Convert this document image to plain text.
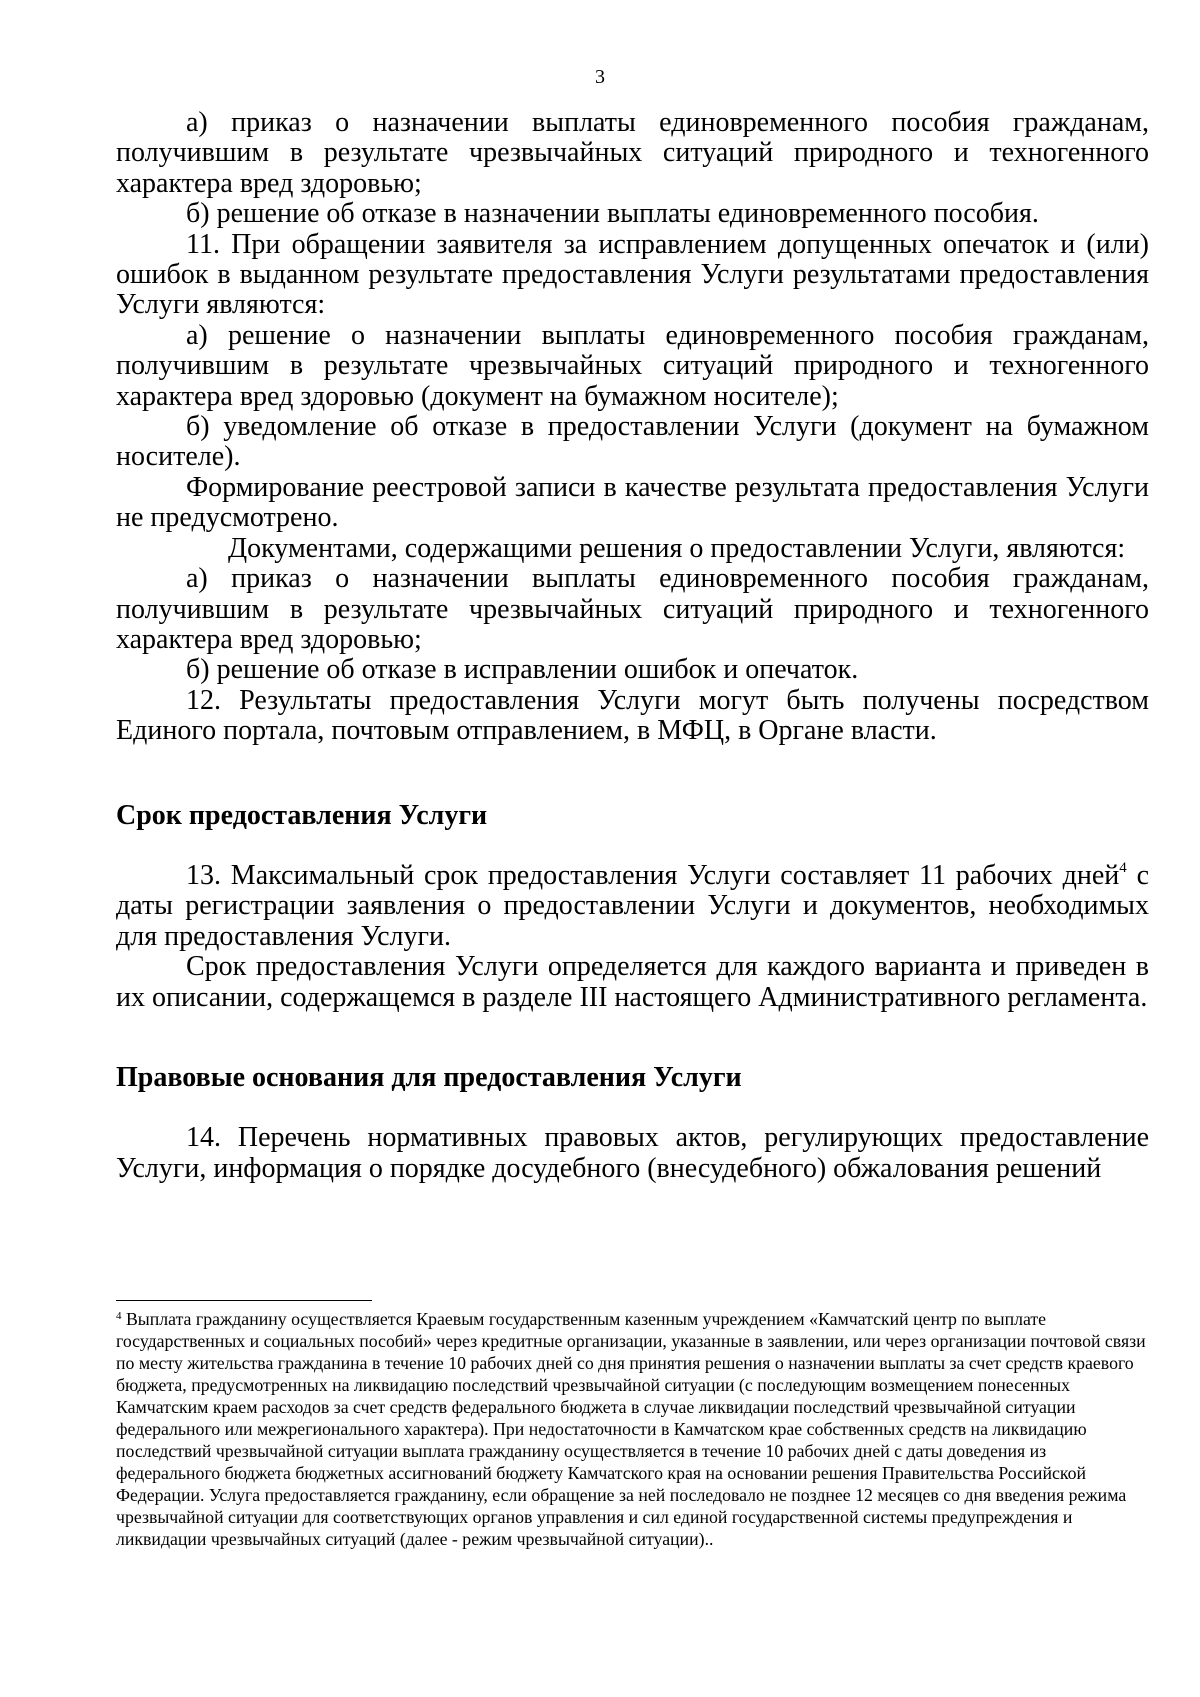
3

а) приказ о назначении выплаты единовременного пособия гражданам, получившим в результате чрезвычайных ситуаций природного и техногенного характера вред здоровью;

б) решение об отказе в назначении выплаты единовременного пособия.

11. При обращении заявителя за исправлением допущенных опечаток и (или) ошибок в выданном результате предоставления Услуги результатами предоставления Услуги являются:

а) решение о назначении выплаты единовременного пособия гражданам, получившим в результате чрезвычайных ситуаций природного и техногенного характера вред здоровью (документ на бумажном носителе);

б) уведомление об отказе в предоставлении Услуги (документ на бумажном носителе).

Формирование реестровой записи в качестве результата предоставления Услуги не предусмотрено.

Документами, содержащими решения о предоставлении Услуги, являются:

а) приказ о назначении выплаты единовременного пособия гражданам, получившим в результате чрезвычайных ситуаций природного и техногенного характера вред здоровью;

б) решение об отказе в исправлении ошибок и опечаток.

12. Результаты предоставления Услуги могут быть получены посредством Единого портала, почтовым отправлением, в МФЦ, в Органе власти.

Срок предоставления Услуги

13. Максимальный срок предоставления Услуги составляет 11 рабочих дней$^4$ с даты регистрации заявления о предоставлении Услуги и документов, необходимых для предоставления Услуги.

Срок предоставления Услуги определяется для каждого варианта и приведен в их описании, содержащемся в разделе III настоящего Административного регламента.

Правовые основания для предоставления Услуги

14. Перечень нормативных правовых актов, регулирующих предоставление Услуги, информация о порядке досудебного (внесудебного) обжалования решений

$^4$ Выплата гражданину осуществляется Краевым государственным казенным учреждением «Камчатский центр по выплате государственных и социальных пособий» через кредитные организации, указанные в заявлении, или через организации почтовой связи по месту жительства гражданина в течение 10 рабочих дней со дня принятия решения о назначении выплаты за счет средств краевого бюджета, предусмотренных на ликвидацию последствий чрезвычайной ситуации (с последующим возмещением понесенных Камчатским краем расходов за счет средств федерального бюджета в случае ликвидации последствий чрезвычайной ситуации федерального или межрегионального характера). При недостаточности в Камчатском крае собственных средств на ликвидацию последствий чрезвычайной ситуации выплата гражданину осуществляется в течение 10 рабочих дней с даты доведения из федерального бюджета бюджетных ассигнований бюджету Камчатского края на основании решения Правительства Российской Федерации. Услуга предоставляется гражданину, если обращение за ней последовало не позднее 12 месяцев со дня введения режима чрезвычайной ситуации для соответствующих органов управления и сил единой государственной системы предупреждения и ликвидации чрезвычайных ситуаций (далее - режим чрезвычайной ситуации)..
